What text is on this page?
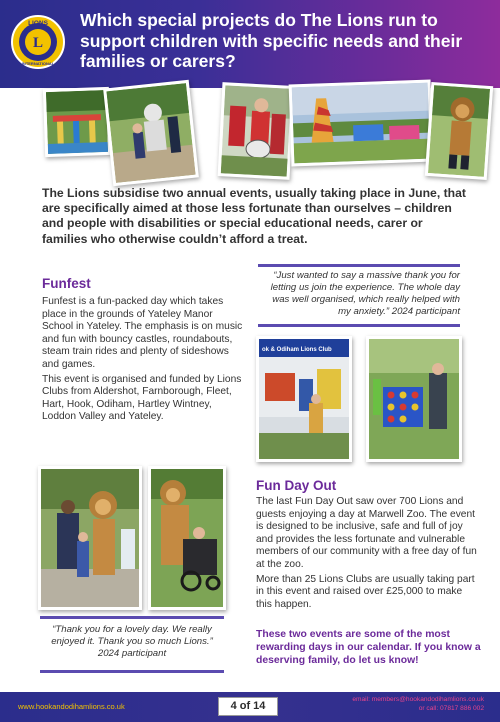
L
LIONS
INTERNATIONAL
Which special projects do The Lions run to support children with specific needs and their families or carers?
The Lions subsidise two annual events, usually taking place in June, that are specifically aimed at those less fortunate than ourselves – children and people with disabilities or special educational needs, carer or families who otherwise couldn’t afford a treat.
Funfest

Funfest is a fun-packed day which takes place in the grounds of Yateley Manor School in Yateley. The emphasis is on music and fun with bouncy castles, roundabouts, steam train rides and plenty of sideshows and games.

This event is organised and funded by Lions Clubs from Aldershot, Farnborough, Fleet, Hart, Hook, Odiham, Hartley Wintney, Loddon Valley and Yateley.

“Just wanted to say a massive thank you for letting us join the experience. The whole day was well organised, which really helped with my anxiety.” 2024 participant
ok & Odiham Lions Club
“Thank you for a lovely day. We really enjoyed it. Thank you so much Lions.” 2024 participant
Fun Day Out

The last Fun Day Out saw over 700 Lions and guests enjoying a day at Marwell Zoo. The event is designed to be inclusive, safe and full of joy and provides the less fortunate and vulnerable members of our community with a free day of fun at the zoo.

More than 25 Lions Clubs are usually taking part in this event and raised over £25,000 to make this happen.

These two events are some of the most rewarding days in our calendar. If you know a deserving family, do let us know!
www.hookandodihamlions.co.uk	4 of 14
email: members@hookandodihamlions.co.uk
or call: 07817 886 002
